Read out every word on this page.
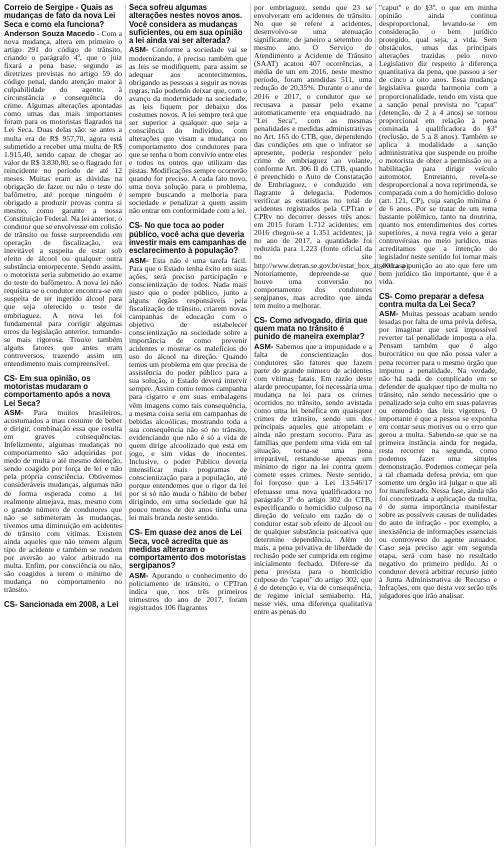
Correio de Sergipe - Quais as mudanças de fato da nova Lei Seca e como ela funciona?

Anderson Souza Macedo - Com a nova mudança, altera em primeiro o artigo 291 do código de trânsito, criando o parágrafo 4º, que o juiz fixará a pena base, segundo as diretrizes previstas no artigo 59 do código penal, dando atenção maior à culpabilidade do agente, à circunstância e consequência do crime. Algumas alterações apontadas como umas das mais importantes foram para os motoristas flagrados na Lei Seca. Duas delas são: se antes a multa era de R$ 957,70, agora está submetido a receber uma multa de R$ 1.915,40, sendo capaz de chegar ao valor de R$ 3.830,80, se o flagrado for reincidente no período de até 12 meses. Muitas eram as dúvidas na obrigação de fazer ou não o teste do bafômetro, até porque ninguém é obrigado a produzir provas contra si mesmo, como garante a nossa Constituição Federal. Na lei anterior, o condutor que se envolvesse em colisão de trânsito ou fosse surpreendido em operação de fiscalização, era inevitável a suspeita de estar sob efeito de álcool ou qualquer outra substância entorpecente. Sendo assim, o motorista seria submetido ao exame do teste do bafômetro. A nova lei não requisita se o condutor encontra-se em suspeita de ter ingerido álcool para que seja oferecido o teste de embriaguez. A nova lei foi fundamental para corrigir algumas erros da legislação anterior, tornando-se mais rigorosa. Trouxe também alguns fatores que antes eram controversos, trazendo assim um entendimento mais compreensível.

CS- Em sua opinião, os motoristas mudaram o comportamento após a nova Lei Seca?

ASM- Para muitos brasileiros, acostumados a mau costume de beber e dirigir, combinação essa que resulta em graves consequências. Infelizmente, algumas mudanças no comportamento são adquiridas por medo de multa e até mesmo detenção, sendo coagido por força de lei e não pela própria consciência. Obtivemos consideráveis mudanças, algumas não de forma esperada como a lei realmente almejava, mas, mesmo com o grande número de condutores que não se submeteram às mudanças, tivemos uma diminuição em acidentes de trânsito com vítimas. Existem ainda aqueles que não temem algum tipo de acidente e também se rendem por aversão ao valor arbitrado na multa. Enfim, por consciência ou não, são coagidos a terem o mínimo de mudança no comportamento no trânsito.

CS- Sancionada em 2008, a Lei

Seca sofreu algumas alterações nestes novos anos. Você considera as mudanças suficientes, ou em sua opinião a lei ainda vai ser alterada?

ASM- Conforme a sociedade vai se modernizando, é preciso também que as leis se modifiquem, para assim se adequar aos acontecimentos, obrigando as pessoas a seguir as novas regras, não podendo deixar que, com o avanço da modernidade na sociedade, as leis fiquem por debaixo dos costumes novos. A lei sempre terá que ser superior a qualquer que seja a consciência do indivíduo, com alterações que visam a mudança no comportamento dos condutores para que se tenha o bom convívio entre eles e todos os outros que utilizam das pistas. Modificações sempre ocorrerão quando for preciso. A cada fato novo, uma nova solução para o problema, sempre buscando a melhoria para sociedade e penalizar a quem assim não entrar em conformidade com a lei.

CS- No que toca ao poder público, você acha que deveria investir mais em campanhas de esclarecimento à população?

ASM- Esta não é uma tarefa fácil. Para que o Estado tenha êxito em suas ações, será preciso participação e conscientização de todos. Nada mais justo que o poder público, junto a alguns órgãos responsáveis pela fiscalização de trânsito, criarem novas campanhas de educação com o objetivo de estabelecer conscientização na sociedade sobre a importância de como prevenir acidentes e mostrar os malefícios do uso do álcool na direção. Quando temos um problema em que precisa de assistência do poder público para a sua solução, o Estado deverá intervir sempre. Assim como temos campanha para cigarro e em suas embalagens vêm imagens como tais consequência, a mesma coisa seria em campanhas de bebidas alcoólicas, mostrando toda a sua consequência não só no trânsito, evidenciando que não é só a vida de quem dirige alcoolizado que está em jogo, e sim vidas de inocentes. Inclusive, o poder Público deveria intensificar mais programas de conscientização para a população, até porque entendemos que o rigor da lei por si só não muda o hábito de beber dirigindo, em uma sociedade que há pouco menos de dez anos tinha uma lei mais branda neste sentido.

CS- Em quase dez anos de Lei Seca, você acredita que as medidas alteraram o comportamento dos motoristas sergipanos?

ASM- Apurando o conhecimento do policiamento de trânsito, o CPTran indica que, nos três primeiros trimestres do ano de 2017, foram registrados 106 flagrantes

por embriaguez, sendo que 23 se envolveram em acidentes de trânsito. No que se refere a acidentes, desenvolvo-se uma atenuação significante, de janeiro a setembro do mesmo ano. O Serviço de Atendimento a Acidente de Trânsito (SAAT) acatou 407 ocorrências, a média de um em 2016, neste mesmo período, foram atendidas 511, uma redução de 20,35%. Durante o ano de 2016 e 2017, o condutor que se recusava a passar pelo exame automaticamente era enquadrado na "Lei Seca", com as mesmas penalidades e medidas administrativas no Art. 165 do CTB, que, dependendo das condições em que o infrator se apresente, poderia responder pelo crime de embriaguez ao volante, conforme Art. 306 II do CTB, quando é preenchido o Auto de Constatação de Embriaguez, e conduzido em flagrante à delegacia. Podemos verificar as estatísticas no total de acidentes registrados pela CPTran e CPRv no decorrer desses três anos: em 2015 foram 1.712 acidentes; em 2016 chegou-se a 1.351 acidentes; já no ano de 2017, a quantidade foi reduzida para 1.223 (fonte oficial da no site http://www.detran.se.gov.br/estat_box_at_001.asp). Notoriamente, depreende-se que houve uma conversão no comportamento dos condutores sergipanos, mas acredito que ainda tem muito a melhorar.

CS- Como advogado, diria que quem mata no trânsito é punido de maneira exemplar?

ASM- Sabemos que a impunidade e a falta de conscientização dos condutores são fatores que fazem parte do grande número de acidentes com vítimas fatais. Em razão deste alarde preocupante, foi necessária uma mudança na lei para os crimes ocorridos no trânsito, sendo avistada como uma lei benéfica em quaisquer crimes de trânsito, sendo um dos principais aqueles que atropelam e ainda não prestam socorro. Para as famílias que perdem uma vida em tal situação, torna-se uma pena irreparável, restando-se apenas um mínimo de rigor na lei contra quem comete esses crimes. Neste sentido, foi forçoso que a Lei 13.546/17 efetuasse uma nova qualificadora no parágrafo 3º do artigo 302 do CTB, especificando o homicídio culposo na direção de veículo em razão de o condutor estar sob efeito de álcool ou de qualquer substância psicoativa que determine dependência. Além do mais, a pena privativa de liberdade de reclusão pode ser cumprida em regime inicialmente fechado. Difere-se da pena prevista para o homicídio culposo do "caput" do artigo 302, que é de detenção e, via de consequência, de regime inicial semiaberto. Há, nesse viés, uma diferença qualitativa entre as penas do

"caput" e do §3º, o que em minha opinião ainda continua desproporcional, levando-se em consideração o bem jurídico protegido, qual seja, a vida. Sem obstáculos, umas das principais alterações trazidas pelo novo Legislativo diz respeito à diferença quantitativa da pena, que passou a ser de cinco a oito anos. Essa mudança legislativa guarda harmonia com a proporcionalidade, tendo em vista que a sanção penal prevista no "caput" (detenção, de 2 a 4 anos) se tornou proporcional em relação à pena cominada à qualificadora do §3º (reclusão, de 5 a 8 anos). Também se aplica à modalidade a sanção administrativa que suspende ou proíbe o motorista de obter a permissão ou a habilitação para dirigir veículo automotor. Entretanto, revela-se desproporcional a nova reprimenda, se comparada com a do homicídio doloso (art. 121, CP), cuja sanção mínima é de 6 anos. Por se tratar de um tema bastante polêmico, tanto na doutrina, quanto nos entendimentos dos cortes superiores, a nova regra veio a gerar controvérsias no meio jurídico, mas acreditamos que a intenção do legislador neste sentido foi tornar mais severa a punição ao ato que fere um bem jurídico tão importante, que é a vida.

CS- Como preparar a defesa contra multa da Lei Seca?

ASM- Muitas pessoas acabam sendo lesadas por falta de uma prévia defesa, por imaginar que será impossível reverter tal penalidade imposta a ela. Pensam também que é algo burocrático ou que não possa valer a pena recorrer para o mesmo órgão que imputou a penalidade. Na verdade, não há nada de complicado em se defender de qualquer tipo de multa no trânsito, não sendo necessário que o penalizado seja culto em suas palavras ou entendido das leis vigentes. O importante é que a pessoa se exponha em contar seus motivos ou o erro que gerou a multa. Sabendo-se que se na primeira instância ainda for negada, resta recorrer na segunda, como podemos fazer uma simples demonstração. Podemos começar pela a tal chamada defesa prévia, em que somente um órgão irá julgar o que ali for manifestado. Nessa fase, ainda não foi concretizada a aplicação da multa, é de suma importância manifestar sobre as possíveis causas de nulidades do auto de infração - por exemplo, a inexistência de informações essenciais ou controverso do agente autuador. Caso seja preciso agir em segunda etapa, será com base no resultado negativo do primeiro pedido. Aí o condutor deverá arbitrar recurso junto à Junta Administrativa de Recurso e Infrações, em que desta vez serão três julgadores que irão analisar.
